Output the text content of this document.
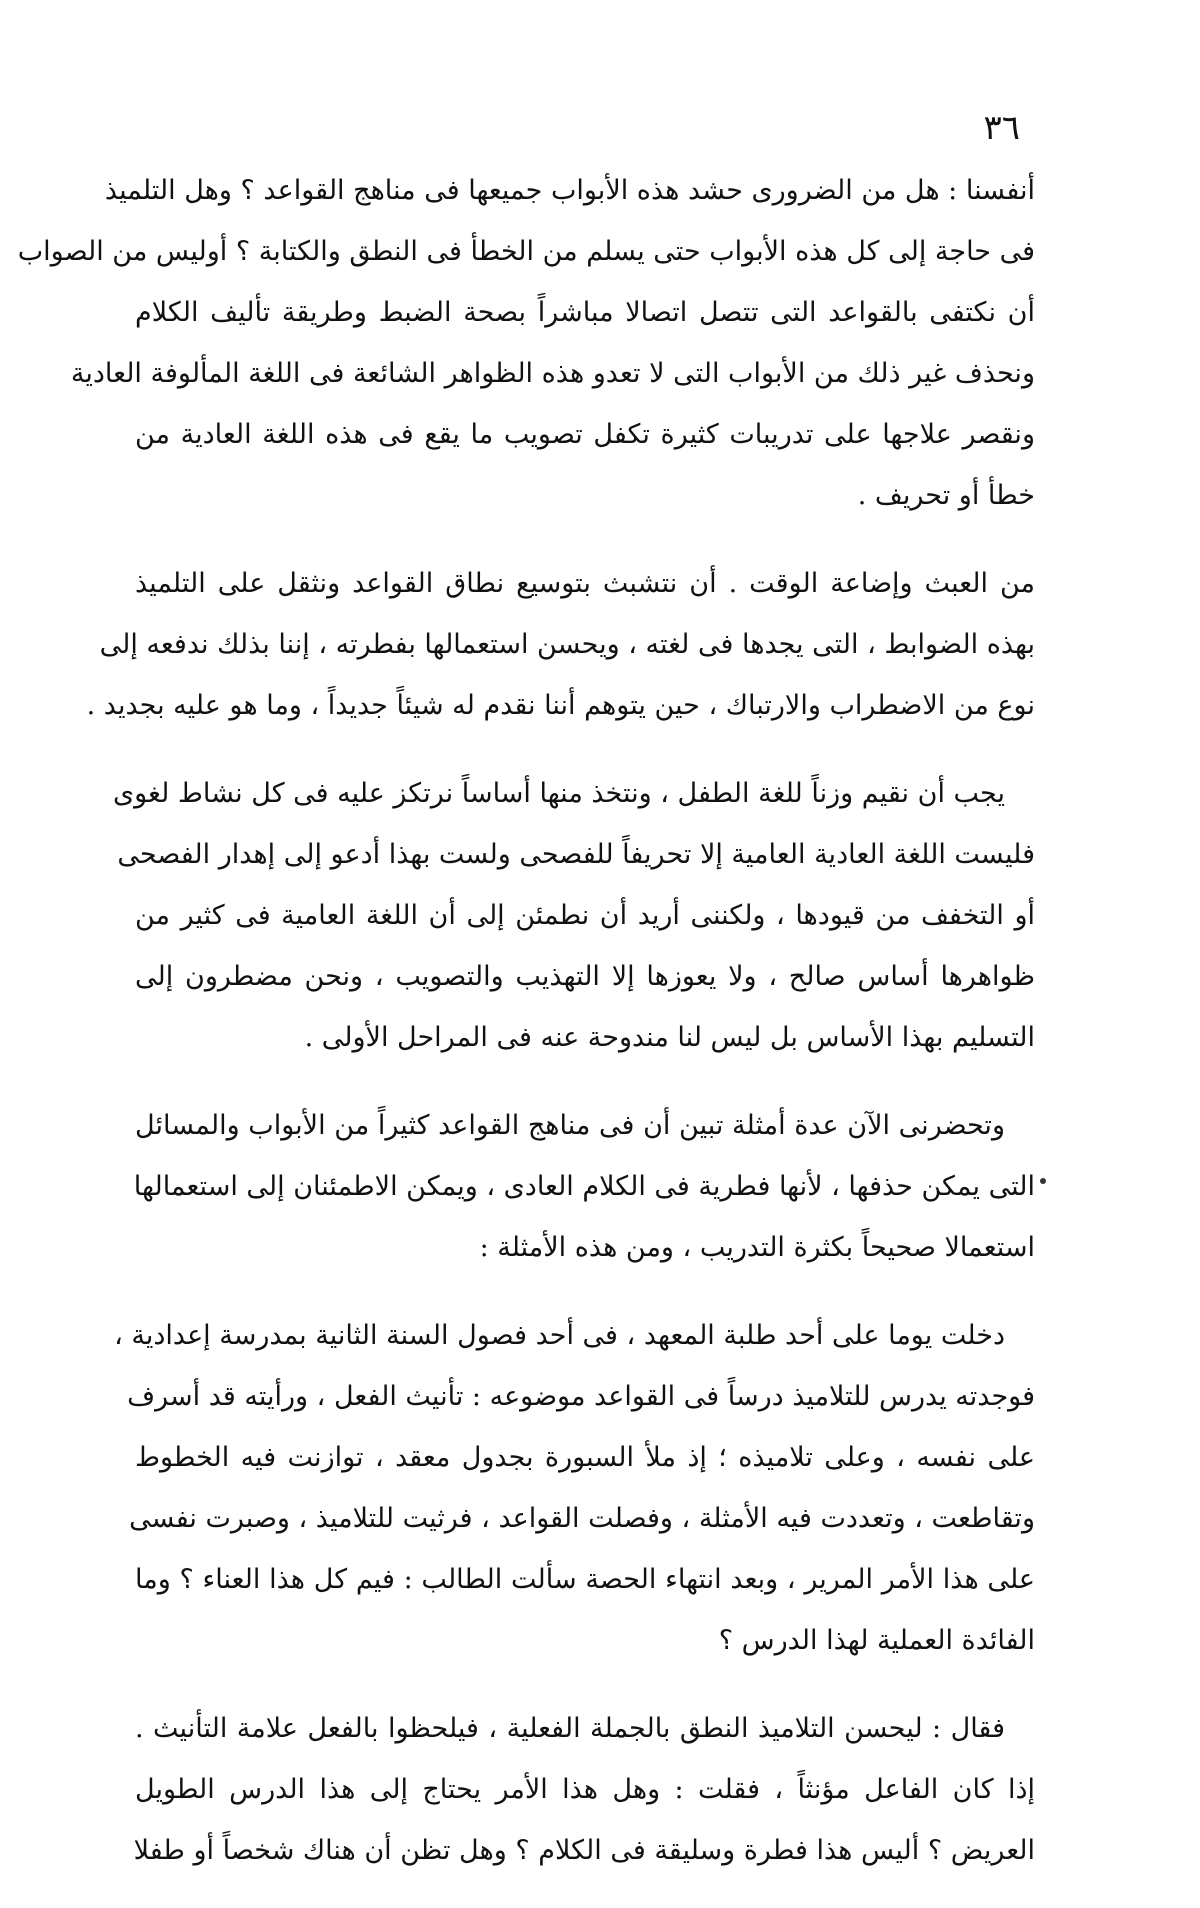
٣٦
أنفسنا : هل من الضرورى حشد هذه الأبواب جميعها فى مناهج القواعد ؟ وهل التلميذ
فى حاجة إلى كل هذه الأبواب حتى يسلم من الخطأ فى النطق والكتابة ؟ أوليس من الصواب
أن نكتفى بالقواعد التى تتصل اتصالا مباشراً بصحة الضبط وطريقة تأليف الكلام
ونحذف غير ذلك من الأبواب التى لا تعدو هذه الظواهر الشائعة فى اللغة المألوفة العادية
ونقصر علاجها على تدريبات كثيرة تكفل تصويب ما يقع فى هذه اللغة العادية من
خطأ أو تحريف .
من العبث وإضاعة الوقت . أن نتشبث بتوسيع نطاق القواعد ونثقل على التلميذ
بهذه الضوابط ، التى يجدها فى لغته ، ويحسن استعمالها بفطرته ، إننا بذلك ندفعه إلى
نوع من الاضطراب والارتباك ، حين يتوهم أننا نقدم له شيئاً جديداً ، وما هو عليه بجديد .
يجب أن نقيم وزناً للغة الطفل ، ونتخذ منها أساساً نرتكز عليه فى كل نشاط لغوى
فليست اللغة العادية العامية إلا تحريفاً للفصحى ولست بهذا أدعو إلى إهدار الفصحى
أو التخفف من قيودها ، ولكننى أريد أن نطمئن إلى أن اللغة العامية فى كثير من
ظواهرها أساس صالح ، ولا يعوزها إلا التهذيب والتصويب ، ونحن مضطرون إلى
التسليم بهذا الأساس بل ليس لنا مندوحة عنه فى المراحل الأولى .
وتحضرنى الآن عدة أمثلة تبين أن فى مناهج القواعد كثيراً من الأبواب والمسائل
التى يمكن حذفها ، لأنها فطرية فى الكلام العادى ، ويمكن الاطمئنان إلى استعمالها
استعمالا صحيحاً بكثرة التدريب ، ومن هذه الأمثلة :
دخلت يوما على أحد طلبة المعهد ، فى أحد فصول السنة الثانية بمدرسة إعدادية ،
فوجدته يدرس للتلاميذ درساً فى القواعد موضوعه : تأنيث الفعل ، ورأيته قد أسرف
على نفسه ، وعلى تلاميذه ؛ إذ ملأ السبورة بجدول معقد ، توازنت فيه الخطوط
وتقاطعت ، وتعددت فيه الأمثلة ، وفصلت القواعد ، فرثيت للتلاميذ ، وصبرت نفسى
على هذا الأمر المرير ، وبعد انتهاء الحصة سألت الطالب : فيم كل هذا العناء ؟ وما
الفائدة العملية لهذا الدرس ؟
فقال : ليحسن التلاميذ النطق بالجملة الفعلية ، فيلحظوا بالفعل علامة التأنيث .
إذا كان الفاعل مؤنثاً ، فقلت : وهل هذا الأمر يحتاج إلى هذا الدرس الطويل
العريض ؟ أليس هذا فطرة وسليقة فى الكلام ؟ وهل تظن أن هناك شخصاً أو طفلا
